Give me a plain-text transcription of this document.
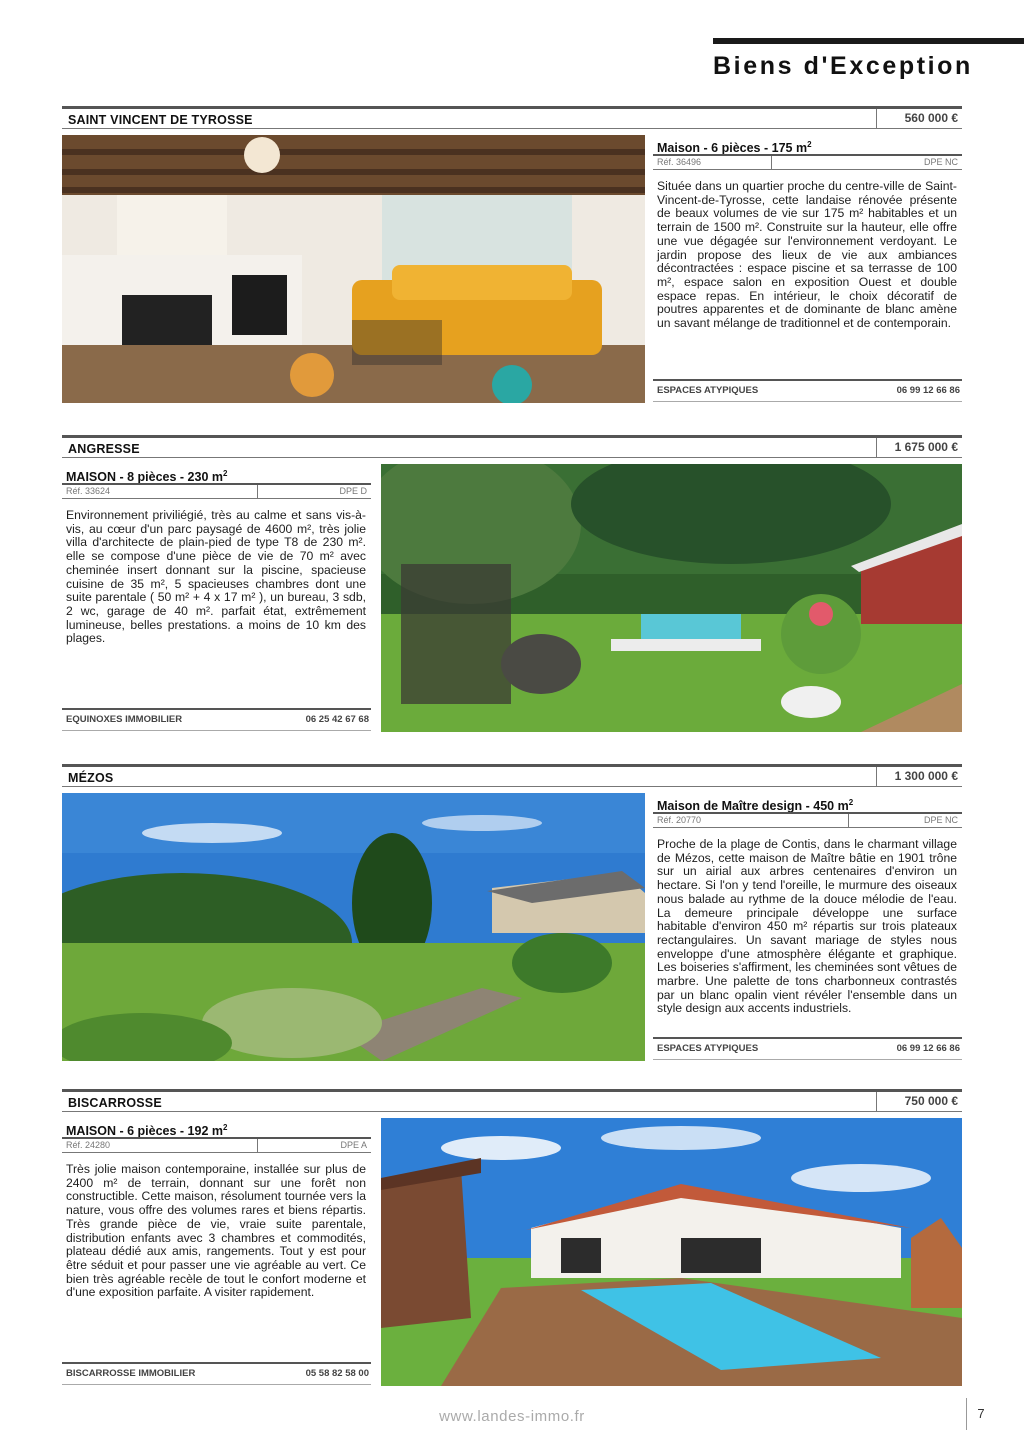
Biens d'Exception
SAINT VINCENT DE TYROSSE	560 000 €
Maison - 6 pièces - 175 $m^2$
Réf. 36496	DPE NC
Située dans un quartier proche du centre-ville de Saint-Vincent-de-Tyrosse, cette landaise rénovée présente de beaux volumes de vie sur 175 m² habitables et un terrain de 1500 m². Construite sur la hauteur, elle offre une vue dégagée sur l'environnement verdoyant. Le jardin propose des lieux de vie aux ambiances décontractées : espace piscine et sa terrasse de 100 m², espace salon en exposition Ouest et double espace repas. En intérieur, le choix décoratif de poutres apparentes et de dominante de blanc amène un savant mélange de traditionnel et de contemporain.
ESPACES ATYPIQUES	06 99 12 66 86
ANGRESSE	1 675 000 €
MAISON - 8 pièces - 230 $m^2$
Réf. 33624	DPE D
Environnement priviliégié, très au calme et sans vis-à-vis, au cœur d'un parc paysagé de 4600 m², très jolie villa d'architecte de plain-pied de type T8 de 230 m². elle se compose d'une pièce de vie de 70 m² avec cheminée insert donnant sur la piscine, spacieuse cuisine de 35 m², 5 spacieuses chambres dont une suite parentale ( 50 m² + 4 x 17 m² ), un bureau, 3 sdb, 2 wc, garage de 40 m². parfait état, extrêmement lumineuse, belles prestations. a moins de 10 km des plages.
EQUINOXES IMMOBILIER	06 25 42 67 68
MÉZOS	1 300 000 €
Maison de Maître design - 450 $m^2$
Réf. 20770	DPE NC
Proche de la plage de Contis, dans le charmant village de Mézos, cette maison de Maître bâtie en 1901 trône sur un airial aux arbres centenaires d'environ un hectare. Si l'on y tend l'oreille, le murmure des oiseaux nous balade au rythme de la douce mélodie de l'eau. La demeure principale développe une surface habitable d'environ 450 m² répartis sur trois plateaux rectangulaires. Un savant mariage de styles nous enveloppe d'une atmosphère élégante et graphique. Les boiseries s'affirment, les cheminées sont vêtues de marbre. Une palette de tons charbonneux contrastés par un blanc opalin vient révéler l'ensemble dans un style design aux accents industriels.
ESPACES ATYPIQUES	06 99 12 66 86
BISCARROSSE	750 000 €
MAISON - 6 pièces - 192 $m^2$
Réf. 24280	DPE A
Très jolie maison contemporaine, installée sur plus de 2400 m² de terrain, donnant sur une forêt non constructible. Cette maison, résolument tournée vers la nature, vous offre des volumes rares et biens répartis. Très grande pièce de vie, vraie suite parentale, distribution enfants avec 3 chambres et commodités, plateau dédié aux amis, rangements. Tout y est pour être séduit et pour passer une vie agréable au vert. Ce bien très agréable recèle de tout le confort moderne et d'une exposition parfaite. A visiter rapidement.
BISCARROSSE IMMOBILIER	05 58 82 58 00
www.landes-immo.fr	7
